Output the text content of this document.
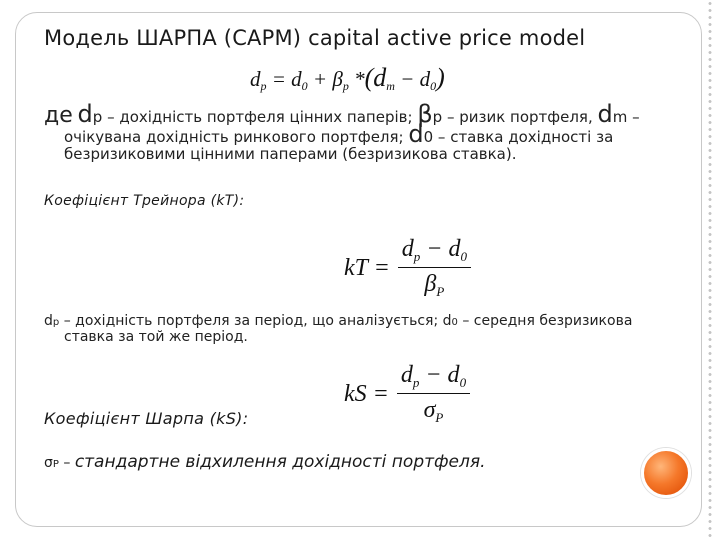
Модель ШАРПА (CAPM) capital active price model
$d_p = d_0 + \beta_p$ $*(d_m - d_0)$
де dp – дохідність портфеля цінних паперів; βp – ризик портфеля, dm –
очікувана дохідність ринкового портфеля; d0 – ставка дохідності за
безризиковими цінними паперами (безризикова ставка).
Коефіцієнт Трейнора (kT):
kT = $\frac{d_p - d_0}{\beta_P}$
dp – дохідність портфеля за період, що аналізується; d0 – середня безризикова
ставка за той же період.
kS = $\frac{d_p - d_0}{\sigma_P}$
Коефіцієнт Шарпа (kS):
σP – стандартне відхилення дохідності портфеля.
